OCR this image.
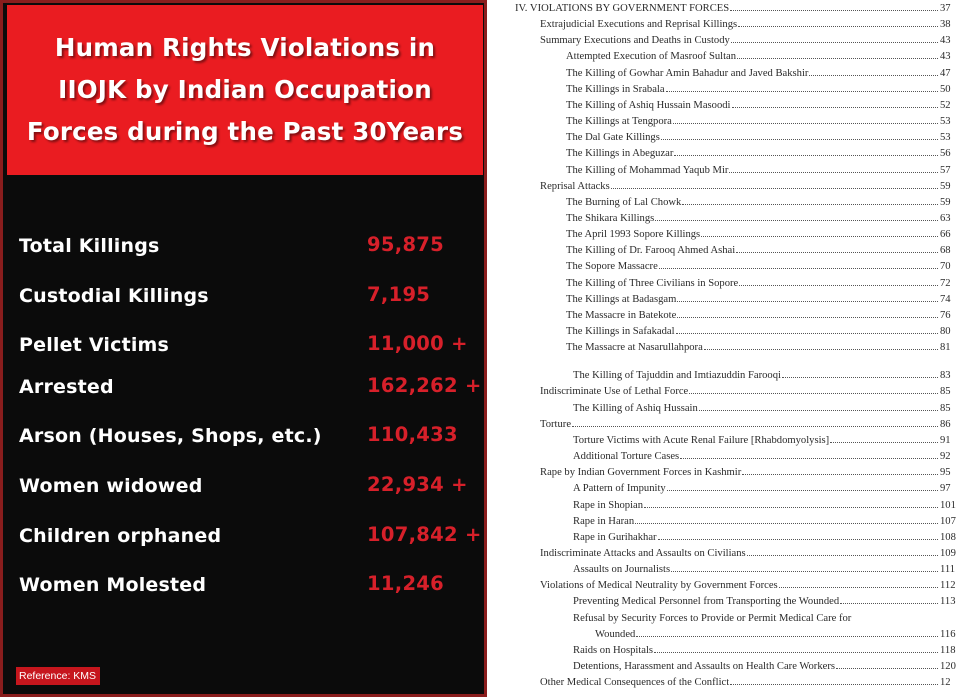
Human Rights Violations in IIOJK by Indian Occupation Forces during the Past 30Years
Total Killings	95,875
Custodial Killings	7,195
Pellet Victims	11,000 +
Arrested	162,262 +
Arson (Houses, Shops, etc.) 110,433
Women widowed	22,934 +
Children orphaned	107,842 +
Women Molested	11,246
Reference: KMS
IV. VIOLATIONS BY GOVERNMENT FORCES	37
Extrajudicial Executions and Reprisal Killings	38
Summary Executions and Deaths in Custody	43
Attempted Execution of Masroof Sultan	43
The Killing of Gowhar Amin Bahadur and Javed Bakshir	47
The Killings in Srabala	50
The Killing of Ashiq Hussain Masoodi	52
The Killings at Tengpora	53
The Dal Gate Killings	53
The Killings in Abeguzar	56
The Killing of Mohammad Yaqub Mir	57
Reprisal Attacks	59
The Burning of Lal Chowk	59
The Shikara Killings	63
The April 1993 Sopore Killings	66
The Killing of Dr. Farooq Ahmed Ashai	68
The Sopore Massacre	70
The Killing of Three Civilians in Sopore	72
The Killings at Badasgam	74
The Massacre in Batekote	76
The Killings in Safakadal	80
The Massacre at Nasarullahpora	81
The Killing of Tajuddin and Imtiazuddin Farooqi	83
Indiscriminate Use of Lethal Force	85
The Killing of Ashiq Hussain	85
Torture	86
Torture Victims with Acute Renal Failure [Rhabdomyolysis]	91
Additional Torture Cases	92
Rape by Indian Government Forces in Kashmir	95
A Pattern of Impunity	97
Rape in Shopian	101
Rape in Haran	107
Rape in Gurihakhar	108
Indiscriminate Attacks and Assaults on Civilians	109
Assaults on Journalists	111
Violations of Medical Neutrality by Government Forces	112
Preventing Medical Personnel from Transporting the Wounded	113
Refusal by Security Forces to Provide or Permit Medical Care for
Wounded	116
Raids on Hospitals	118
Detentions, Harassment and Assaults on Health Care Workers	120
Other Medical Consequences of the Conflict	12
